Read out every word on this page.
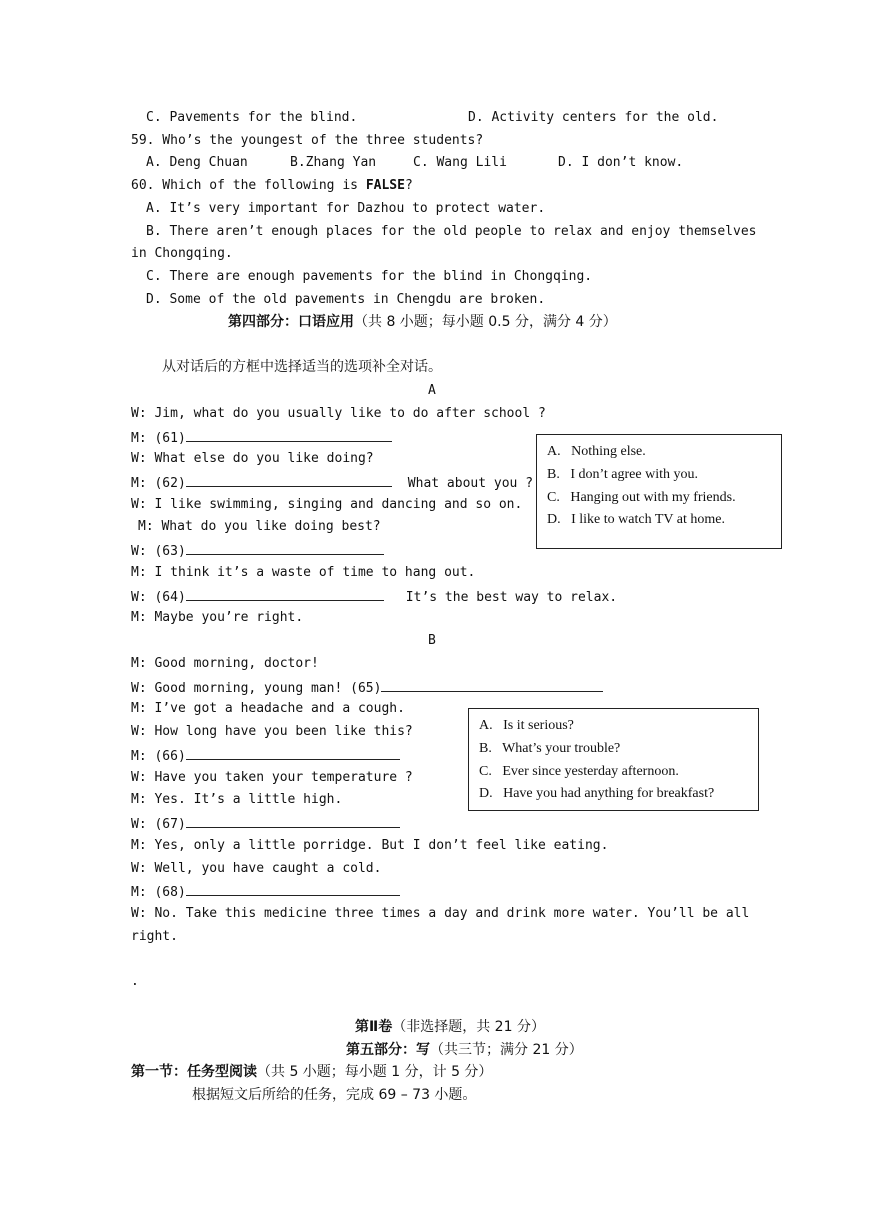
C. Pavements for the blind.	D. Activity centers for the old.
59. Who’s the youngest of the three students?
A. Deng Chuan	B.Zhang Yan	C. Wang Lili	D. I don’t know.
60. Which of the following is FALSE?
A. It’s very important for Dazhou to protect water.
B. There aren’t enough places for the old people to relax and enjoy themselves
in Chongqing.
C. There are enough pavements for the blind in Chongqing.
D. Some of the old pavements in Chengdu are broken.
第四部分：口语应用（共 8 小题；每小题 0.5 分，满分 4 分）
从对话后的方框中选择适当的选项补全对话。
A
W: Jim, what do you usually like to do after school ?
M: (61)
W: What else do you like doing?
M: (62)	What about you ?
W: I like swimming, singing and dancing and so on.
M: What do you like doing best?
W: (63)
M: I think it’s a waste of time to hang out.
W: (64)	It’s the best way to relax.
M: Maybe you’re right.
A.   Nothing else.
B.   I don’t agree with you.
C.   Hanging out with my friends.
D.   I like to watch TV at home.
B
M: Good morning, doctor!
W: Good morning, young man! (65)
M: I’ve got a headache and a cough.
W: How long have you been like this?
M: (66)
W: Have you taken your temperature ?
M: Yes. It’s a little high.
W: (67)
M: Yes, only a little porridge. But I don’t feel like eating.
W: Well, you have caught a cold.
M: (68)
W: No. Take this medicine three times a day and drink more water. You’ll be all
right.
A.   Is it serious?
B.   What’s your trouble?
C.   Ever since yesterday afternoon.
D.   Have you had anything for breakfast?
.
第Ⅱ卷（非选择题，共 21 分）
第五部分：写（共三节；满分 21 分）
第一节：任务型阅读（共 5 小题；每小题 1 分，计 5 分）
根据短文后所给的任务，完成 69 – 73 小题。
